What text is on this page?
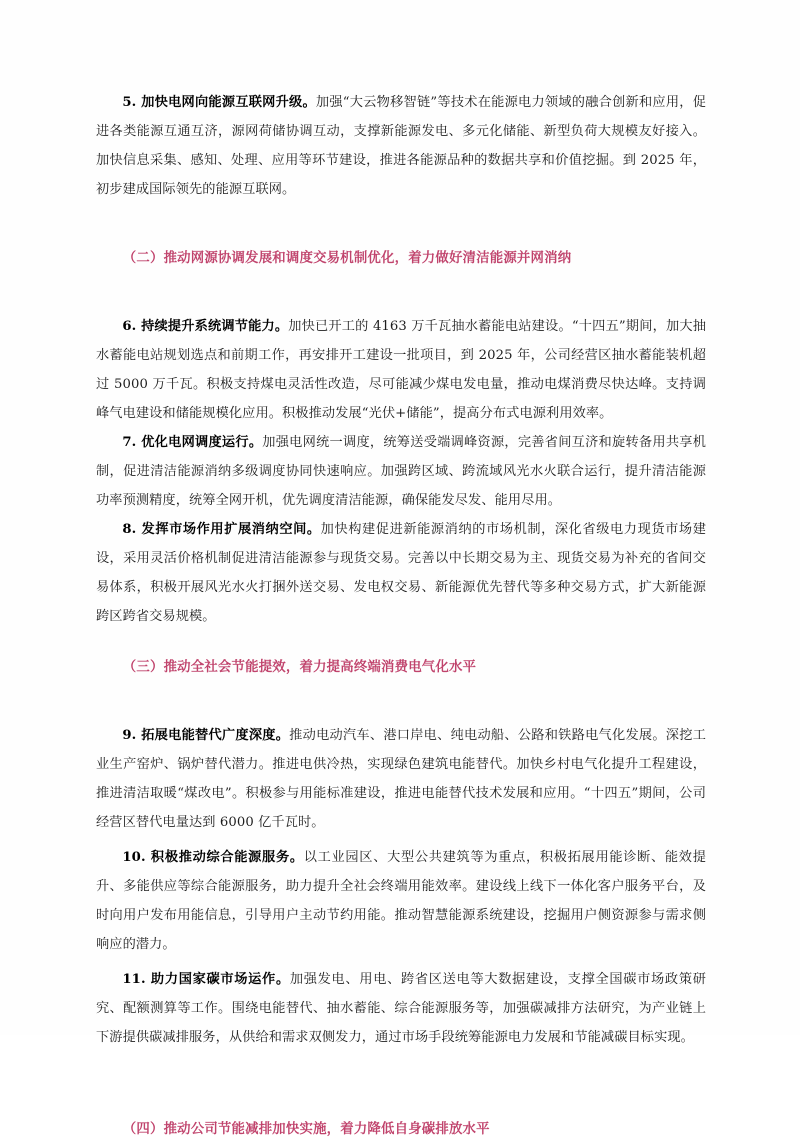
5. 加快电网向能源互联网升级。加强“大云物移智链”等技术在能源电力领域的融合创新和应用，促进各类能源互通互济，源网荷储协调互动，支撑新能源发电、多元化储能、新型负荷大规模友好接入。加快信息采集、感知、处理、应用等环节建设，推进各能源品种的数据共享和价值挖掘。到 2025 年，初步建成国际领先的能源互联网。

（二）推动网源协调发展和调度交易机制优化，着力做好清洁能源并网消纳

6. 持续提升系统调节能力。加快已开工的 4163 万千瓦抽水蓄能电站建设。“十四五”期间，加大抽水蓄能电站规划选点和前期工作，再安排开工建设一批项目，到 2025 年，公司经营区抽水蓄能装机超过 5000 万千瓦。积极支持煤电灵活性改造，尽可能减少煤电发电量，推动电煤消费尽快达峰。支持调峰气电建设和储能规模化应用。积极推动发展“光伏+储能”，提高分布式电源利用效率。

7. 优化电网调度运行。加强电网统一调度，统筹送受端调峰资源，完善省间互济和旋转备用共享机制，促进清洁能源消纳多级调度协同快速响应。加强跨区域、跨流域风光水火联合运行，提升清洁能源功率预测精度，统筹全网开机，优先调度清洁能源，确保能发尽发、能用尽用。

8. 发挥市场作用扩展消纳空间。加快构建促进新能源消纳的市场机制，深化省级电力现货市场建设，采用灵活价格机制促进清洁能源参与现货交易。完善以中长期交易为主、现货交易为补充的省间交易体系，积极开展风光水火打捆外送交易、发电权交易、新能源优先替代等多种交易方式，扩大新能源跨区跨省交易规模。

（三）推动全社会节能提效，着力提高终端消费电气化水平

9. 拓展电能替代广度深度。推动电动汽车、港口岸电、纯电动船、公路和铁路电气化发展。深挖工业生产窑炉、锅炉替代潜力。推进电供冷热，实现绿色建筑电能替代。加快乡村电气化提升工程建设，推进清洁取暖“煤改电”。积极参与用能标准建设，推进电能替代技术发展和应用。“十四五”期间，公司经营区替代电量达到 6000 亿千瓦时。

10. 积极推动综合能源服务。以工业园区、大型公共建筑等为重点，积极拓展用能诊断、能效提升、多能供应等综合能源服务，助力提升全社会终端用能效率。建设线上线下一体化客户服务平台，及时向用户发布用能信息，引导用户主动节约用能。推动智慧能源系统建设，挖掘用户侧资源参与需求侧响应的潜力。

11. 助力国家碳市场运作。加强发电、用电、跨省区送电等大数据建设，支撑全国碳市场政策研究、配额测算等工作。围绕电能替代、抽水蓄能、综合能源服务等，加强碳减排方法研究，为产业链上下游提供碳减排服务，从供给和需求双侧发力，通过市场手段统筹能源电力发展和节能减碳目标实现。

（四）推动公司节能减排加快实施，着力降低自身碳排放水平
